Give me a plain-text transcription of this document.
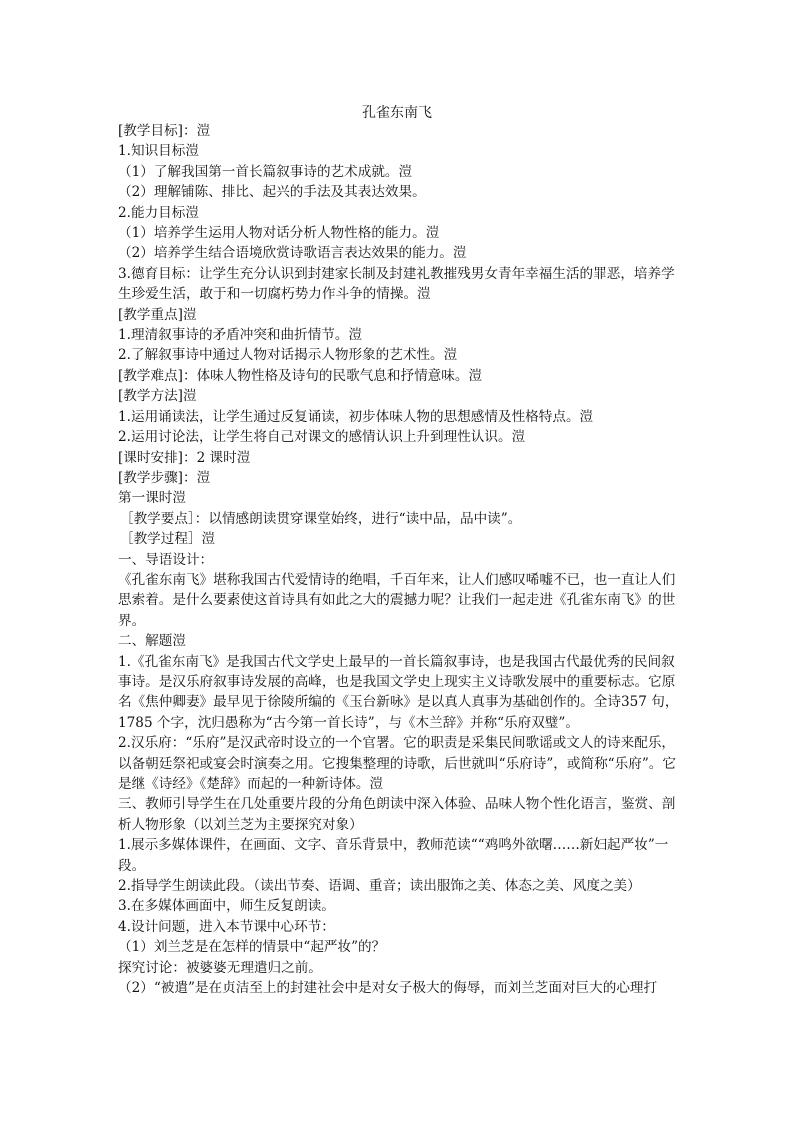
孔雀东南飞

[教学目标]：溰

1.知识目标溰

（1）了解我国第一首长篇叙事诗的艺术成就。溰

（2）理解铺陈、排比、起兴的手法及其表达效果。

2.能力目标溰

（1）培养学生运用人物对话分析人物性格的能力。溰

（2）培养学生结合语境欣赏诗歌语言表达效果的能力。溰

3.德育目标：让学生充分认识到封建家长制及封建礼教摧残男女青年幸福生活的罪恶，培养学生珍爱生活，敢于和一切腐朽势力作斗争的情操。溰

[教学重点]溰

1.理清叙事诗的矛盾冲突和曲折情节。溰

2.了解叙事诗中通过人物对话揭示人物形象的艺术性。溰

[教学难点]：体味人物性格及诗句的民歌气息和抒情意味。溰

[教学方法]溰

1.运用诵读法，让学生通过反复诵读，初步体味人物的思想感情及性格特点。溰

2.运用讨论法，让学生将自己对课文的感情认识上升到理性认识。溰

[课时安排]：2 课时溰

[教学步骤]：溰

第一课时溰

［教学要点］：以情感朗读贯穿课堂始终，进行“读中品，品中读”。

［教学过程］溰

一、导语设计：

《孔雀东南飞》堪称我国古代爱情诗的绝唱，千百年来，让人们感叹唏嘘不已，也一直让人们思索着。是什么要素使这首诗具有如此之大的震撼力呢？让我们一起走进《孔雀东南飞》的世界。

二、解题溰

1.《孔雀东南飞》是我国古代文学史上最早的一首长篇叙事诗，也是我国古代最优秀的民间叙事诗。是汉乐府叙事诗发展的高峰，也是我国文学史上现实主义诗歌发展中的重要标志。它原名《焦仲卿妻》最早见于徐陵所编的《玉台新咏》是以真人真事为基础创作的。全诗357 句，1785 个字，沈归愚称为“古今第一首长诗”，与《木兰辞》并称“乐府双璧”。

2.汉乐府：“乐府”是汉武帝时设立的一个官署。它的职责是采集民间歌谣或文人的诗来配乐，以备朝廷祭祀或宴会时演奏之用。它搜集整理的诗歌，后世就叫“乐府诗”，或简称“乐府”。它是继《诗经》《楚辞》而起的一种新诗体。溰

三、教师引导学生在几处重要片段的分角色朗读中深入体验、品味人物个性化语言，鉴赏、剖析人物形象（以刘兰芝为主要探究对象）

1.展示多媒体课件，在画面、文字、音乐背景中，教师范读““鸡鸣外欲曙……新妇起严妆”一段。

2.指导学生朗读此段。（读出节奏、语调、重音；读出服饰之美、体态之美、风度之美）

3.在多媒体画面中，师生反复朗读。

4.设计问题，进入本节课中心环节：

（1）刘兰芝是在怎样的情景中“起严妆”的？

探究讨论：被婆婆无理遣归之前。

（2）“被遣”是在贞洁至上的封建社会中是对女子极大的侮辱，而刘兰芝面对巨大的心理打
